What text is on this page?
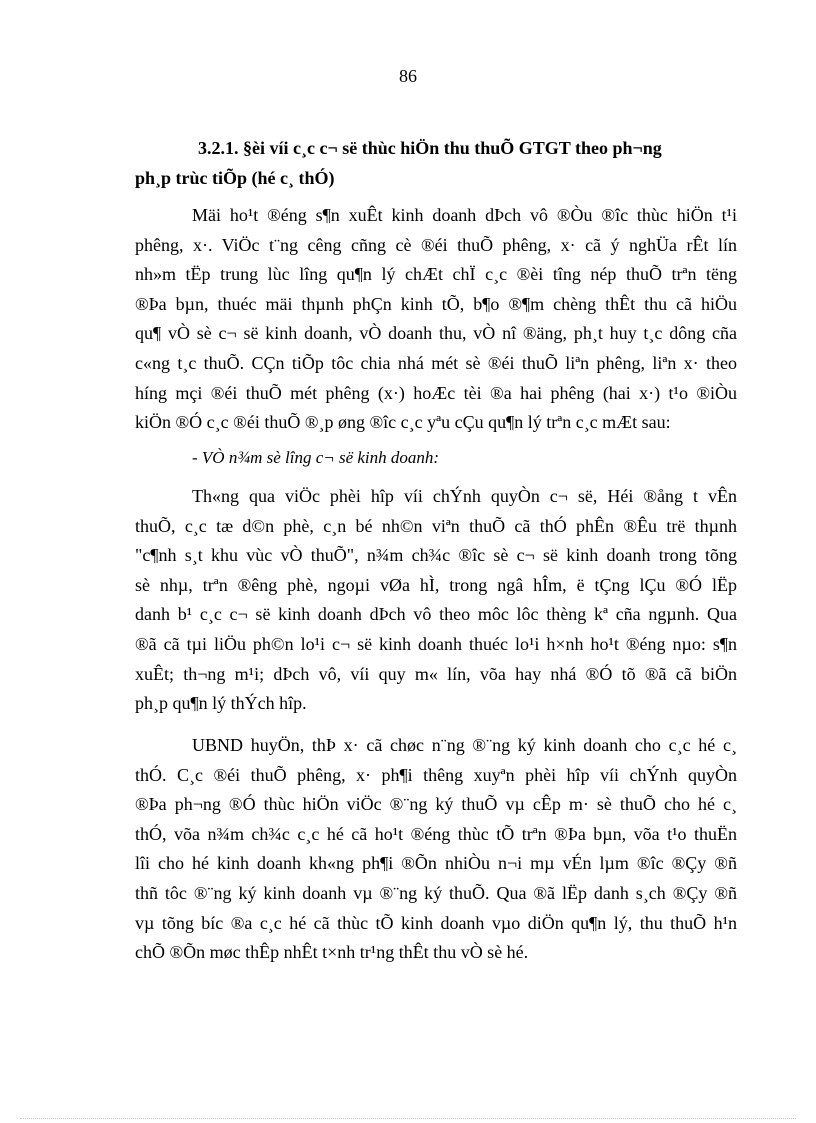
86
3.2.1. §èi víi c¸c c¬ së thùc hiÖn thu thuÕ GTGT theo ph¬ng
ph¸p trùc tiÕp (hé c¸ thÓ)
Mäi ho¹t ®éng s¶n xuÊt kinh doanh dÞch vô ®Òu ®îc thùc hiÖn t¹i
phêng, x·. ViÖc t¨ng cêng cñng cè ®éi thuÕ phêng, x· cã ý nghÜa rÊt lín
nh»m tËp trung lùc lîng qu¶n lý chÆt chÏ c¸c ®èi tîng nép thuÕ trªn tëng
®Þa bµn, thuéc mäi thµnh phÇn kinh tÕ, b¶o ®¶m chèng thÊt thu cã hiÖu
qu¶ vÒ sè c¬ së kinh doanh, vÒ doanh thu, vÒ nî ®äng, ph¸t huy t¸c dông cña
c«ng t¸c thuÕ. CÇn tiÕp tôc chia nhá mét sè ®éi thuÕ liªn phêng, liªn x· theo
híng mçi ®éi thuÕ mét phêng (x·) hoÆc tèi ®a hai phêng (hai x·) t¹o ®iÒu
kiÖn ®Ó c¸c ®éi thuÕ ®¸p øng ®îc c¸c yªu cÇu qu¶n lý trªn c¸c mÆt sau:
- VÒ n¾m sè lîng c¬ së kinh doanh:
Th«ng qua viÖc phèi hîp víi chÝnh quyÒn c¬ së, Héi ®ång t vÊn
thuÕ, c¸c tæ d©n phè, c¸n bé nh©n viªn thuÕ cã thÓ phÊn ®Êu trë thµnh
"c¶nh s¸t khu vùc vÒ thuÕ", n¾m ch¾c ®îc sè c¬ së kinh doanh trong tõng
sè nhµ, trªn ®êng phè, ngoµi vØa hÌ, trong ngâ hÎm, ë tÇng lÇu ®Ó lËp
danh b¹ c¸c c¬ së kinh doanh dÞch vô theo môc lôc thèng kª cña ngµnh. Qua
®ã cã tµi liÖu ph©n lo¹i c¬ së kinh doanh thuéc lo¹i h×nh ho¹t ®éng nµo: s¶n
xuÊt; th¬ng m¹i; dÞch vô, víi quy m« lín, võa hay nhá ®Ó tõ ®ã cã biÖn
ph¸p qu¶n lý thÝch hîp.
UBND huyÖn, thÞ x· cã chøc n¨ng ®¨ng ký kinh doanh cho c¸c hé c¸
thÓ. C¸c ®éi thuÕ phêng, x· ph¶i thêng xuyªn phèi hîp víi chÝnh quyÒn
®Þa ph¬ng ®Ó thùc hiÖn viÖc ®¨ng ký thuÕ vµ cÊp m· sè thuÕ cho hé c¸
thÓ, võa n¾m ch¾c c¸c hé cã ho¹t ®éng thùc tÕ trªn ®Þa bµn, võa t¹o thuËn
lîi cho hé kinh doanh kh«ng ph¶i ®Õn nhiÒu n¬i mµ vÉn lµm ®îc ®Çy ®ñ
thñ tôc ®¨ng ký kinh doanh vµ ®¨ng ký thuÕ. Qua ®ã lËp danh s¸ch ®Çy ®ñ
vµ tõng bíc ®a c¸c hé cã thùc tÕ kinh doanh vµo diÖn qu¶n lý, thu thuÕ h¹n
chÕ ®Õn møc thÊp nhÊt t×nh tr¹ng thÊt thu vÒ sè hé.
